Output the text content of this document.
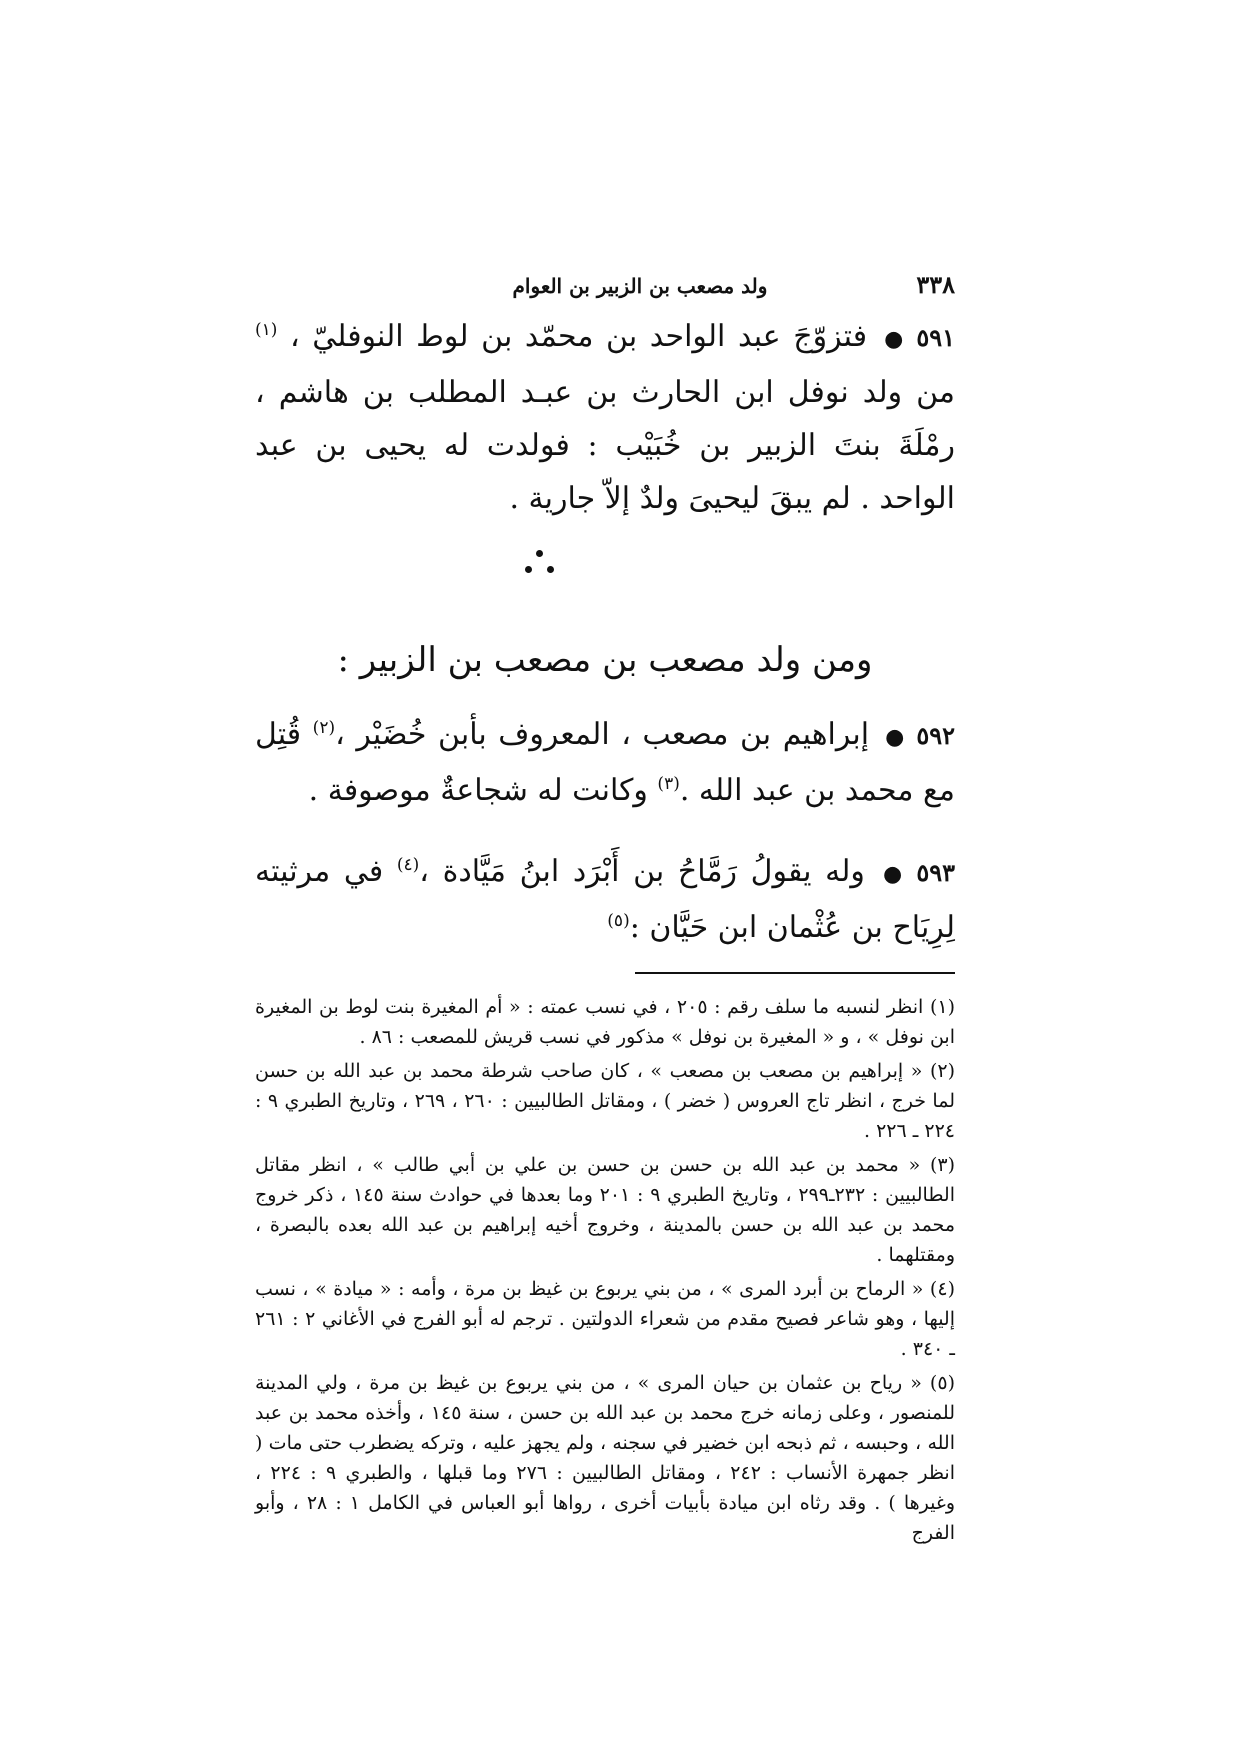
٣٣٨
ولد مصعب بن الزبير بن العوام

٥٩١●فتزوّجَ عبد الواحد بن محمّد بن لوط النوفليّ ، $^{(١)}$ من ولد نوفل ابن الحارث بن عبـد المطلب بن هاشم ، رمْلَةَ بنتَ الزبير بن خُبَيْب : فولدت له يحيى بن عبد الواحد . لم يبقَ ليحيىَ ولدٌ إلاّ جارية .

ومن ولد مصعب بن مصعب بن الزبير :

٥٩٢●إبراهيم بن مصعب ، المعروف بأبن خُضَيْر ،$^{(٢)}$ قُتِل مع محمد بن عبد الله .$^{(٣)}$ وكانت له شجاعةٌ موصوفة .

٥٩٣●وله يقولُ رَمَّاحُ بن أَبْرَد ابنُ مَيَّادة ،$^{(٤)}$ في مرثيته لِرِيَاح بن عُثْمان ابن حَيَّان :$^{(٥)}$

(١) انظر لنسبه ما سلف رقم : ٢٠٥ ، في نسب عمته : « أم المغيرة بنت لوط بن المغيرة ابن نوفل » ، و « المغيرة بن نوفل » مذكور في نسب قريش للمصعب : ٨٦ .

(٢) « إبراهيم بن مصعب بن مصعب » ، كان صاحب شرطة محمد بن عبد الله بن حسن لما خرج ، انظر تاج العروس ( خضر ) ، ومقاتل الطالبيين : ٢٦٠ ، ٢٦٩ ، وتاريخ الطبري ٩ : ٢٢٤ ـ ٢٢٦ .

(٣) « محمد بن عبد الله بن حسن بن حسن بن علي بن أبي طالب » ، انظر مقاتل الطالبيين : ٢٣٢ـ٢٩٩ ، وتاريخ الطبري ٩ : ٢٠١ وما بعدها في حوادث سنة ١٤٥ ، ذكر خروج محمد بن عبد الله بن حسن بالمدينة ، وخروج أخيه إبراهيم بن عبد الله بعده بالبصرة ، ومقتلهما .

(٤) « الرماح بن أبرد المرى » ، من بني يربوع بن غيظ بن مرة ، وأمه : « ميادة » ، نسب إليها ، وهو شاعر فصيح مقدم من شعراء الدولتين . ترجم له أبو الفرج في الأغاني ٢ : ٢٦١ ـ ٣٤٠ .

(٥) « رياح بن عثمان بن حيان المرى » ، من بني يربوع بن غيظ بن مرة ، ولي المدينة للمنصور ، وعلى زمانه خرج محمد بن عبد الله بن حسن ، سنة ١٤٥ ، وأخذه محمد بن عبد الله ، وحبسه ، ثم ذبحه ابن خضير في سجنه ، ولم يجهز عليه ، وتركه يضطرب حتى مات ( انظر جمهرة الأنساب : ٢٤٢ ، ومقاتل الطالبيين : ٢٧٦ وما قبلها ، والطبري ٩ : ٢٢٤ ، وغيرها ) . وقد رثاه ابن ميادة بأبيات أخرى ، رواها أبو العباس في الكامل ١ : ٢٨ ، وأبو الفرج
